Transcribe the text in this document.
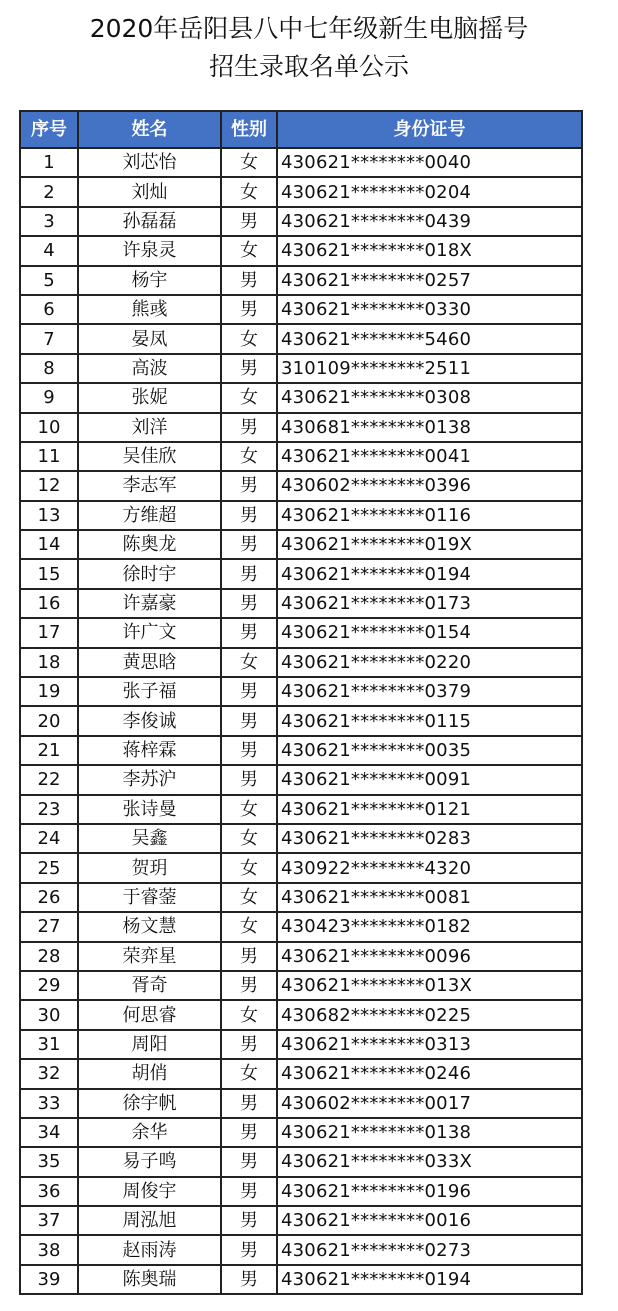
2020年岳阳县八中七年级新生电脑摇号
招生录取名单公示
序号	姓名	性别	身份证号
1	刘芯怡	女	430621********0040
2	刘灿	女	430621********0204
3	孙磊磊	男	430621********0439
4	许泉灵	女	430621********018X
5	杨宇	男	430621********0257
6	熊彧	男	430621********0330
7	晏凤	女	430621********5460
8	高波	男	310109********2511
9	张妮	女	430621********0308
10	刘洋	男	430681********0138
11	吴佳欣	女	430621********0041
12	李志军	男	430602********0396
13	方维超	男	430621********0116
14	陈奥龙	男	430621********019X
15	徐时宇	男	430621********0194
16	许嘉豪	男	430621********0173
17	许广文	男	430621********0154
18	黄思晗	女	430621********0220
19	张子福	男	430621********0379
20	李俊诚	男	430621********0115
21	蒋梓霖	男	430621********0035
22	李苏沪	男	430621********0091
23	张诗曼	女	430621********0121
24	吴鑫	女	430621********0283
25	贺玥	女	430922********4320
26	于睿蓥	女	430621********0081
27	杨文慧	女	430423********0182
28	荣弈星	男	430621********0096
29	胥奇	男	430621********013X
30	何思睿	女	430682********0225
31	周阳	男	430621********0313
32	胡俏	女	430621********0246
33	徐宇帆	男	430602********0017
34	余华	男	430621********0138
35	易子鸣	男	430621********033X
36	周俊宇	男	430621********0196
37	周泓旭	男	430621********0016
38	赵雨涛	男	430621********0273
39	陈奥瑞	男	430621********0194
